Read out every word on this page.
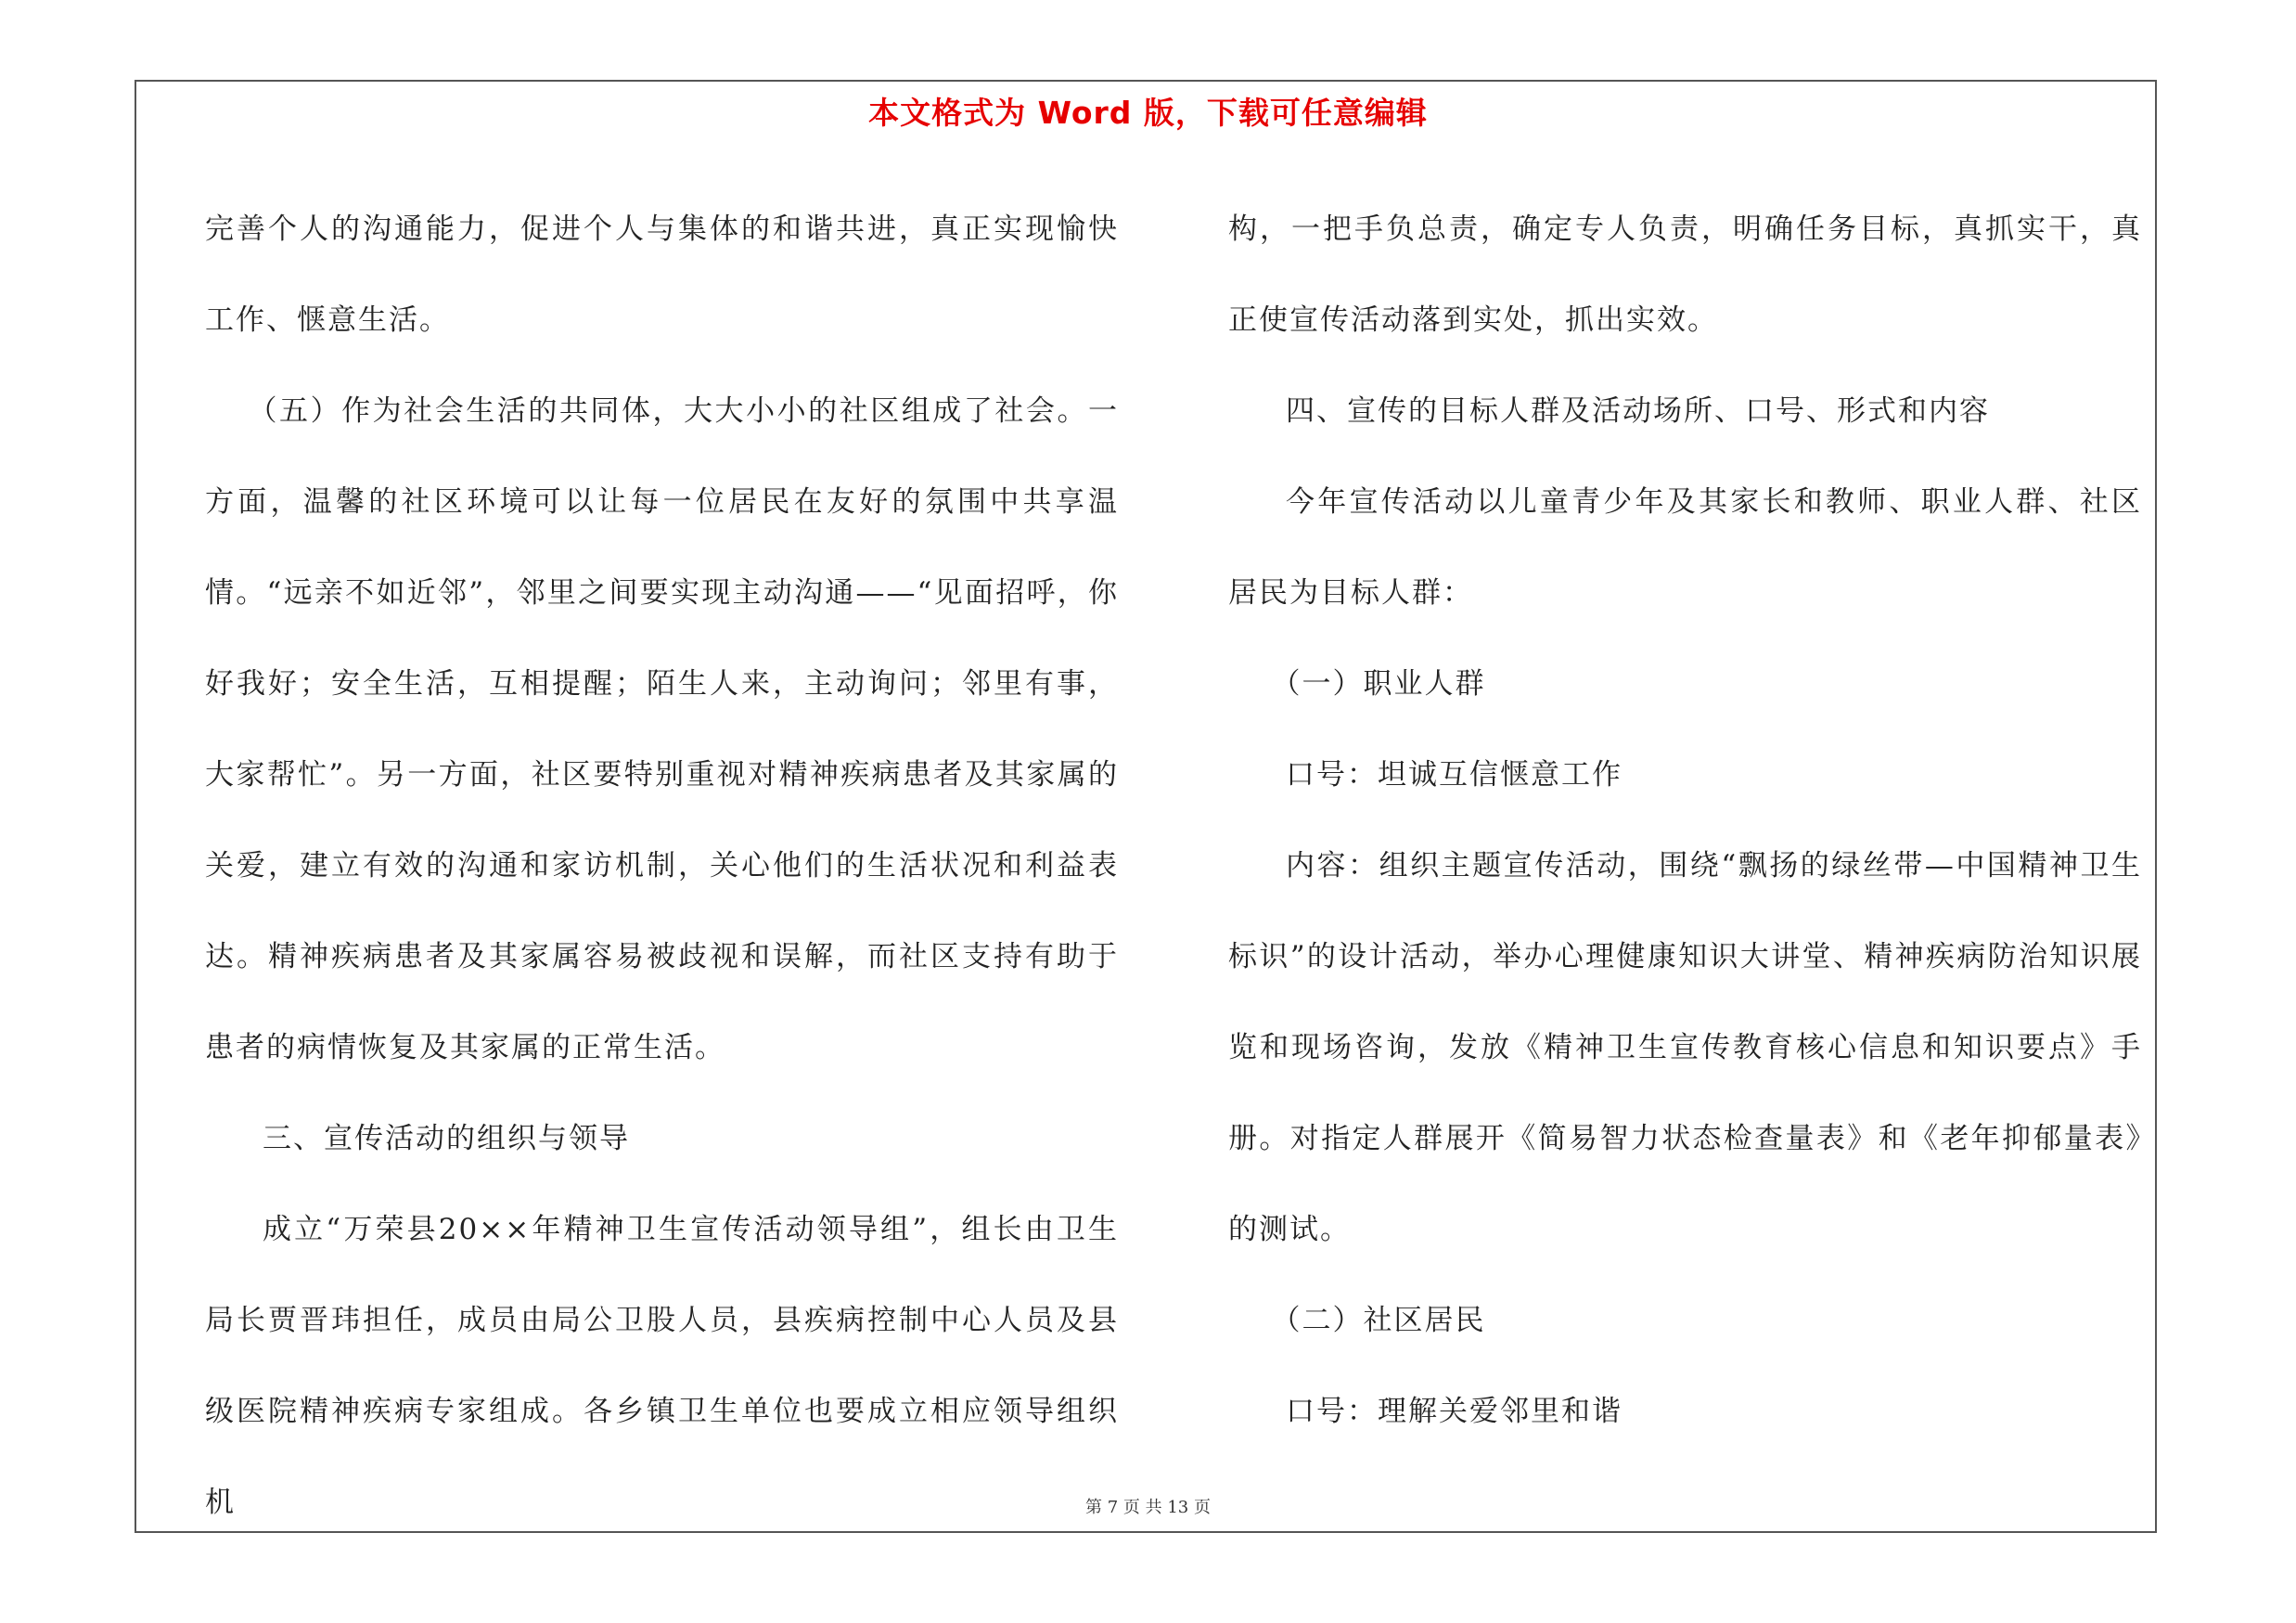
本文格式为 Word 版，下载可任意编辑

完善个人的沟通能力，促进个人与集体的和谐共进，真正实现愉快工作、惬意生活。

（五）作为社会生活的共同体，大大小小的社区组成了社会。一方面，温馨的社区环境可以让每一位居民在友好的氛围中共享温情。“远亲不如近邻”，邻里之间要实现主动沟通——“见面招呼，你好我好；安全生活，互相提醒；陌生人来，主动询问；邻里有事，大家帮忙”。另一方面，社区要特别重视对精神疾病患者及其家属的关爱，建立有效的沟通和家访机制，关心他们的生活状况和利益表达。精神疾病患者及其家属容易被歧视和误解，而社区支持有助于患者的病情恢复及其家属的正常生活。

三、宣传活动的组织与领导

成立“万荣县20××年精神卫生宣传活动领导组”，组长由卫生局长贾晋玮担任，成员由局公卫股人员，县疾病控制中心人员及县级医院精神疾病专家组成。各乡镇卫生单位也要成立相应领导组织机

构，一把手负总责，确定专人负责，明确任务目标，真抓实干，真正使宣传活动落到实处，抓出实效。

四、宣传的目标人群及活动场所、口号、形式和内容

今年宣传活动以儿童青少年及其家长和教师、职业人群、社区居民为目标人群：

（一）职业人群

口号：坦诚互信惬意工作

内容：组织主题宣传活动，围绕“飘扬的绿丝带—中国精神卫生标识”的设计活动，举办心理健康知识大讲堂、精神疾病防治知识展览和现场咨询，发放《精神卫生宣传教育核心信息和知识要点》手册。对指定人群展开《简易智力状态检查量表》和《老年抑郁量表》的测试。

（二）社区居民

口号：理解关爱邻里和谐

第 7 页 共 13 页
